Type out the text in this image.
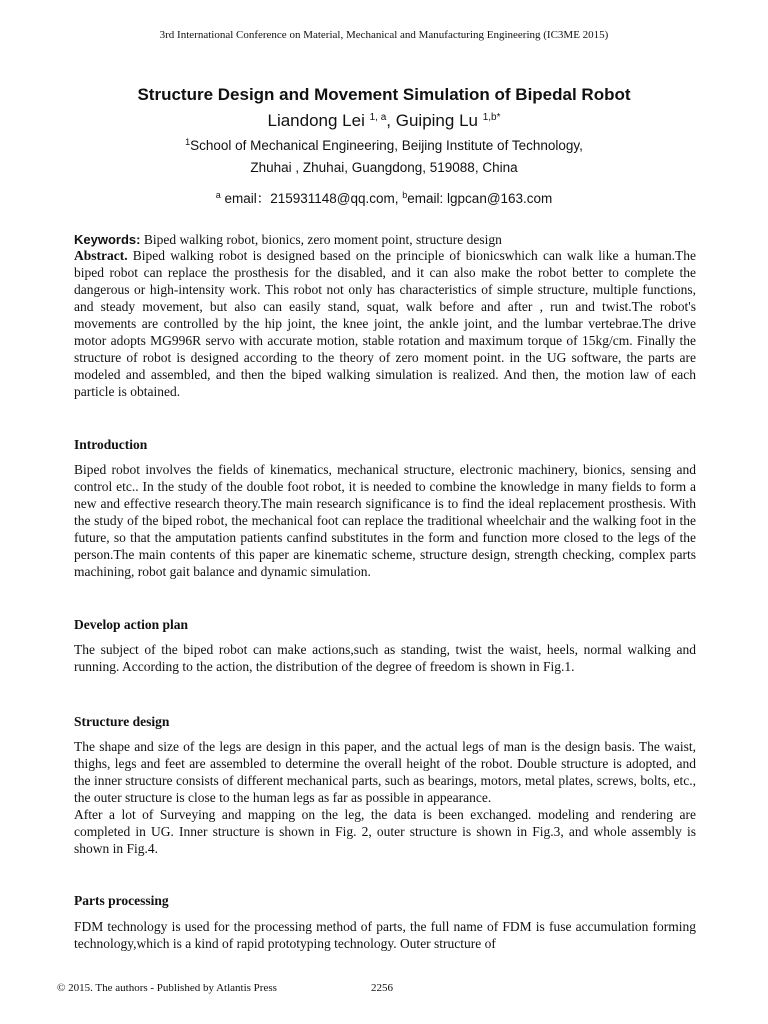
3rd International Conference on Material, Mechanical and Manufacturing Engineering (IC3ME 2015)
Structure Design and Movement Simulation of Bipedal Robot
Liandong Lei $^{1, a}$, Guiping Lu $^{1,b*}$
$^1$School of Mechanical Engineering, Beijing Institute of Technology,
Zhuhai , Zhuhai, Guangdong, 519088, China
$^a$ email：215931148@qq.com, $^b$email: lgpcan@163.com
Keywords: Biped walking robot, bionics, zero moment point, structure design
Abstract. Biped walking robot is designed based on the principle of bionicswhich can walk like a human.The biped robot can replace the prosthesis for the disabled, and it can also make the robot better to complete the dangerous or high-intensity work. This robot not only has characteristics of simple structure, multiple functions, and steady movement, but also can easily stand, squat, walk before and after , run and twist.The robot's movements are controlled by the hip joint, the knee joint, the ankle joint, and the lumbar vertebrae.The drive motor adopts MG996R servo with accurate motion, stable rotation and maximum torque of 15kg/cm. Finally the structure of robot is designed according to the theory of zero moment point. in the UG software, the parts are modeled and assembled, and then the biped walking simulation is realized. And then, the motion law of each particle is obtained.
Introduction
Biped robot involves the fields of kinematics, mechanical structure, electronic machinery, bionics, sensing and control etc.. In the study of the double foot robot, it is needed to combine the knowledge in many fields to form a new and effective research theory.The main research significance is to find the ideal replacement prosthesis. With the study of the biped robot, the mechanical foot can replace the traditional wheelchair and the walking foot in the future, so that the amputation patients canfind substitutes in the form and function more closed to the legs of the person.The main contents of this paper are kinematic scheme, structure design, strength checking, complex parts machining, robot gait balance and dynamic simulation.
Develop action plan
The subject of the biped robot can make actions,such as standing, twist the waist, heels, normal walking and running. According to the action, the distribution of the degree of freedom is shown in Fig.1.
Structure design

The shape and size of the legs are design in this paper, and the actual legs of man is the design basis. The waist, thighs, legs and feet are assembled to determine the overall height of the robot. Double structure is adopted, and the inner structure consists of different mechanical parts, such as bearings, motors, metal plates, screws, bolts, etc., the outer structure is close to the human legs as far as possible in appearance.

After a lot of Surveying and mapping on the leg, the data is been exchanged. modeling and rendering are completed in UG. Inner structure is shown in Fig. 2, outer structure is shown in Fig.3, and whole assembly is shown in Fig.4.

Parts processing
FDM technology is used for the processing method of parts, the full name of FDM is fuse accumulation forming technology,which is a kind of rapid prototyping technology. Outer structure of
© 2015. The authors - Published by Atlantis Press	2256
